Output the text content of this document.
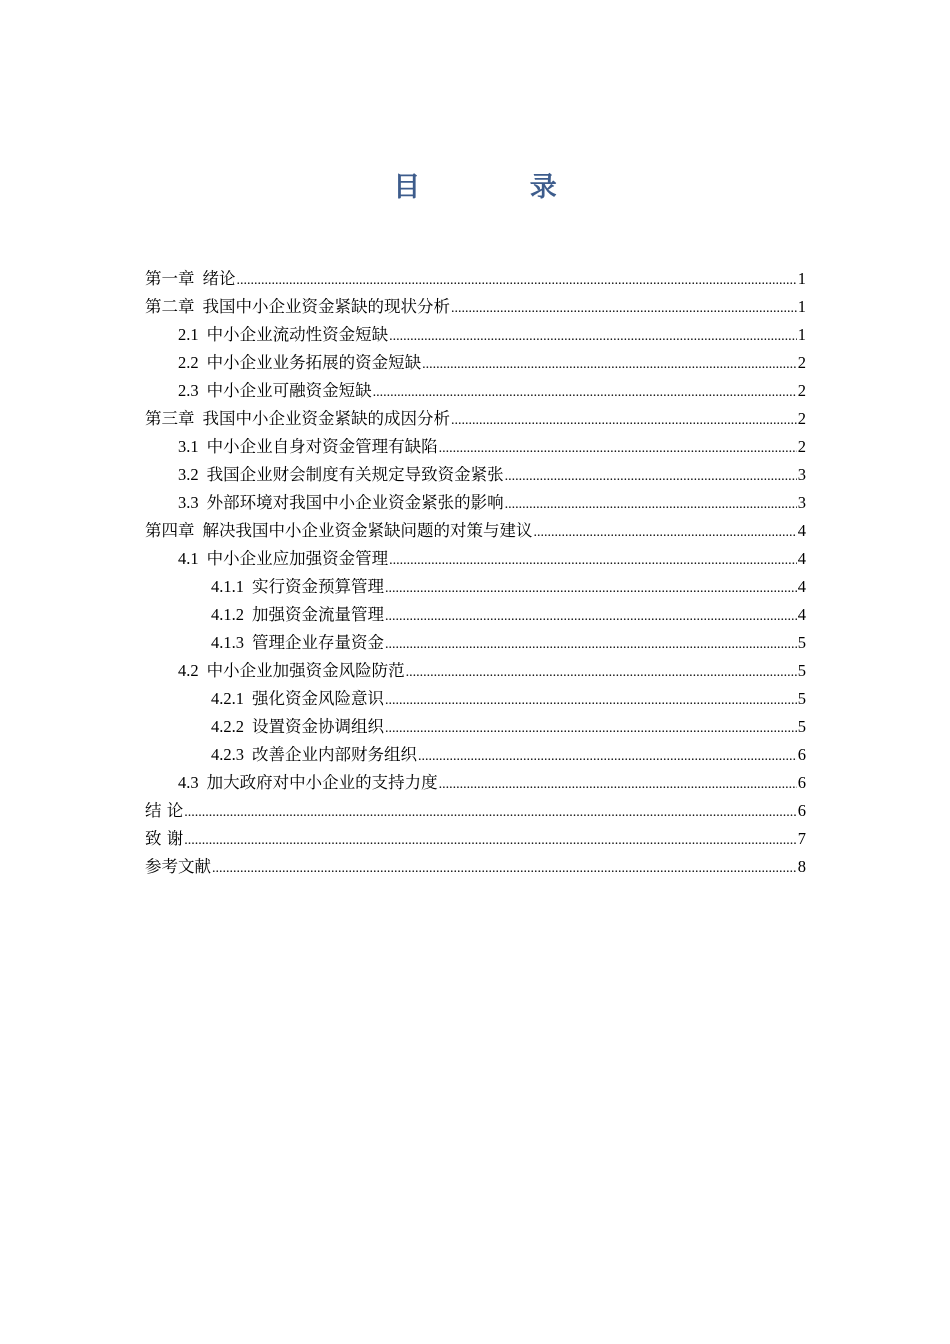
目 录
第一章 绪论 .....	1
第二章 我国中小企业资金紧缺的现状分析 .....	1
2.1 中小企业流动性资金短缺 .....	1
2.2 中小企业业务拓展的资金短缺 .....	2
2.3 中小企业可融资金短缺 .....	2
第三章 我国中小企业资金紧缺的成因分析 .....	2
3.1 中小企业自身对资金管理有缺陷 .....	2
3.2 我国企业财会制度有关规定导致资金紧张 .....	3
3.3 外部环境对我国中小企业资金紧张的影响 .....	3
第四章 解决我国中小企业资金紧缺问题的对策与建议 .....	4
4.1 中小企业应加强资金管理 .....	4
4.1.1 实行资金预算管理 .....	4
4.1.2 加强资金流量管理 .....	4
4.1.3 管理企业存量资金 .....	5
4.2 中小企业加强资金风险防范 .....	5
4.2.1 强化资金风险意识 .....	5
4.2.2 设置资金协调组织 .....	5
4.2.3 改善企业内部财务组织 .....	6
4.3 加大政府对中小企业的支持力度 .....	6
结 论 .....	6
致 谢 .....	7
参考文献 .....	8
